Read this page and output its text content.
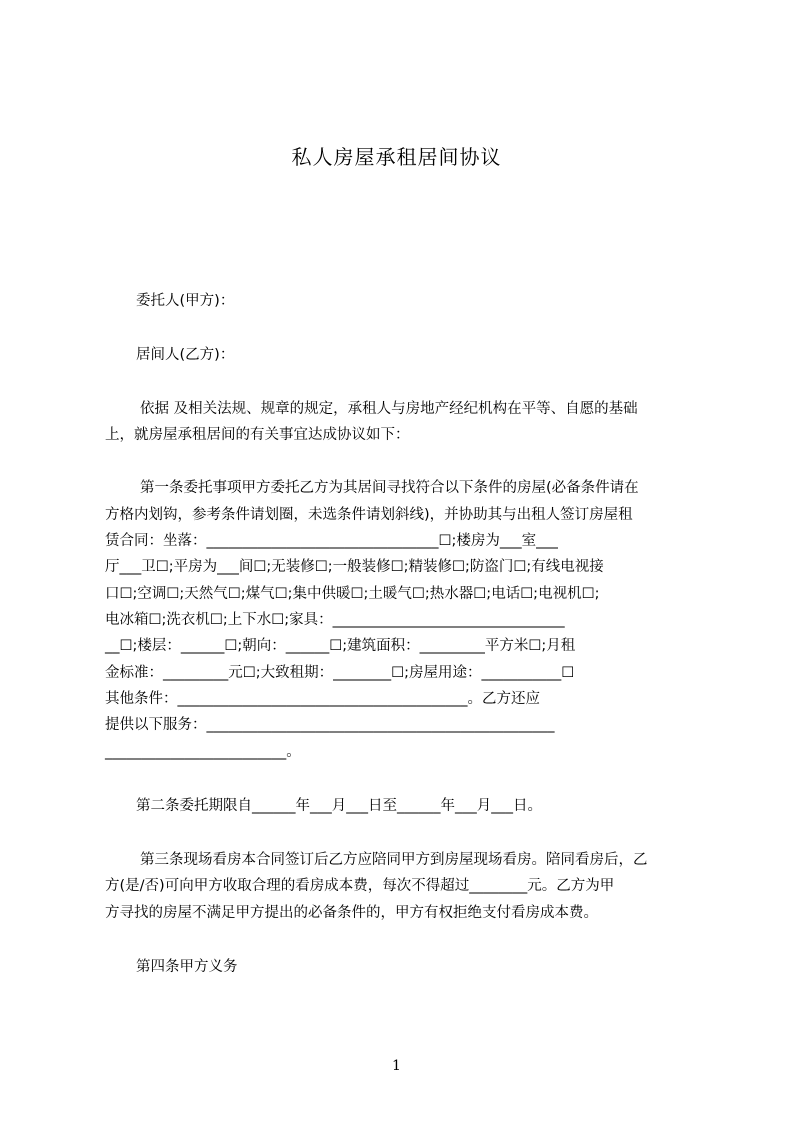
私人房屋承租居间协议
委托人(甲方)：
居间人(乙方)：
依据 及相关法规、规章的规定，承租人与房地产经纪机构在平等、自愿的基础
上，就房屋承租居间的有关事宜达成协议如下：
第一条委托事项甲方委托乙方为其居间寻找符合以下条件的房屋(必备条件请在
方格内划钩，参考条件请划圈，未选条件请划斜线)，并协助其与出租人签订房屋租
赁合同：坐落：________________________________☐;楼房为___室___
厅___卫☐;平房为___间☐;无装修☐;一般装修☐;精装修☐;防盗门☐;有线电视接
口☐;空调☐;天然气☐;煤气☐;集中供暖☐;土暖气☐;热水器☐;电话☐;电视机☐;
电冰箱☐;洗衣机☐;上下水☐;家具：________________________________
__☐;楼层：______☐;朝向：______☐;建筑面积：_________平方米☐;月租
金标准：_________元☐;大致租期：________☐;房屋用途：___________☐
其他条件：________________________________________。乙方还应
提供以下服务：________________________________________________
_________________________。
第二条委托期限自______年___月___日至______年___月___日。
第三条现场看房本合同签订后乙方应陪同甲方到房屋现场看房。陪同看房后，乙
方(是/否)可向甲方收取合理的看房成本费，每次不得超过________元。乙方为甲
方寻找的房屋不满足甲方提出的必备条件的，甲方有权拒绝支付看房成本费。
第四条甲方义务
1
